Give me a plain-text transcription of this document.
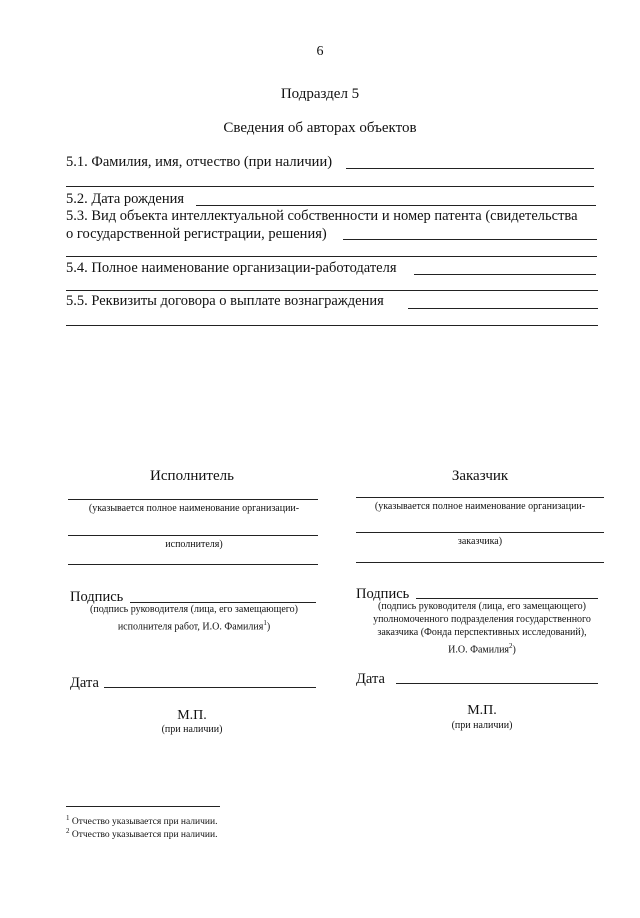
6
Подраздел 5
Сведения об авторах объектов
5.1. Фамилия, имя, отчество (при наличии)
5.2. Дата рождения
5.3. Вид объекта интеллектуальной собственности и номер патента (свидетельства
о государственной регистрации, решения)
5.4. Полное наименование организации-работодателя
5.5. Реквизиты договора о выплате вознаграждения
Исполнитель
(указывается полное наименование организации-
исполнителя)
Подпись
(подпись руководителя (лица, его замещающего)
исполнителя работ, И.О. Фамилия$^1$)
Дата
М.П.
(при наличии)
Заказчик
(указывается полное наименование организации-
заказчика)
Подпись
(подпись руководителя (лица, его замещающего)
уполномоченного подразделения государственного
заказчика (Фонда перспективных исследований),
И.О. Фамилия$^2$)
Дата
М.П.
(при наличии)
$^1$ Отчество указывается при наличии.
$^2$ Отчество указывается при наличии.
